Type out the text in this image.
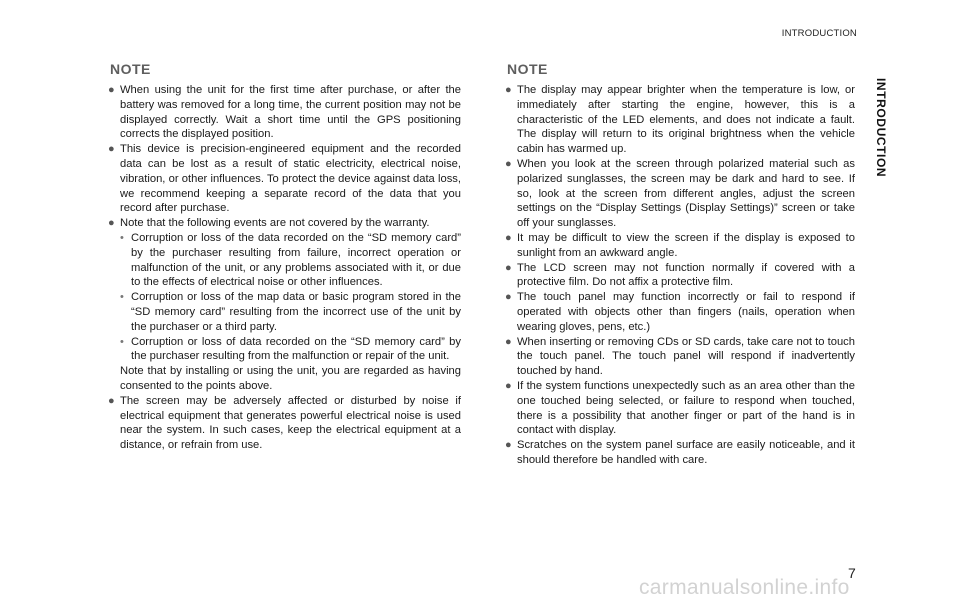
INTRODUCTION
INTRODUCTION
NOTE
● When using the unit for the first time after purchase, or after the battery was removed for a long time, the current position may not be displayed correctly. Wait a short time until the GPS positioning corrects the displayed position.
● This device is precision-engineered equipment and the recorded data can be lost as a result of static electricity, electrical noise, vibration, or other influences. To protect the device against data loss, we recommend keeping a separate record of the data that you record after purchase.
● Note that the following events are not covered by the warranty.
• Corruption or loss of the data recorded on the “SD memory card” by the purchaser resulting from failure, incorrect operation or malfunction of the unit, or any problems associated with it, or due to the effects of electrical noise or other influences.
• Corruption or loss of the map data or basic program stored in the “SD memory card” resulting from the incorrect use of the unit by the purchaser or a third party.
• Corruption or loss of data recorded on the “SD memory card” by the purchaser resulting from the malfunction or repair of the unit.
Note that by installing or using the unit, you are regarded as having consented to the points above.
● The screen may be adversely affected or disturbed by noise if electrical equipment that generates powerful electrical noise is used near the system. In such cases, keep the electrical equipment at a distance, or refrain from use.
NOTE
● The display may appear brighter when the temperature is low, or immediately after starting the engine, however, this is a characteristic of the LED elements, and does not indicate a fault. The display will return to its original brightness when the vehicle cabin has warmed up.
● When you look at the screen through polarized material such as polarized sunglasses, the screen may be dark and hard to see. If so, look at the screen from different angles, adjust the screen settings on the “Display Settings (Display Settings)” screen or take off your sunglasses.
● It may be difficult to view the screen if the display is exposed to sunlight from an awkward angle.
● The LCD screen may not function normally if covered with a protective film. Do not affix a protective film.
● The touch panel may function incorrectly or fail to respond if operated with objects other than fingers (nails, operation when wearing gloves, pens, etc.)
● When inserting or removing CDs or SD cards, take care not to touch the touch panel. The touch panel will respond if inadvertently touched by hand.
● If the system functions unexpectedly such as an area other than the one touched being selected, or failure to respond when touched, there is a possibility that another finger or part of the hand is in contact with display.
● Scratches on the system panel surface are easily noticeable, and it should therefore be handled with care.
7
carmanualsonline.info
